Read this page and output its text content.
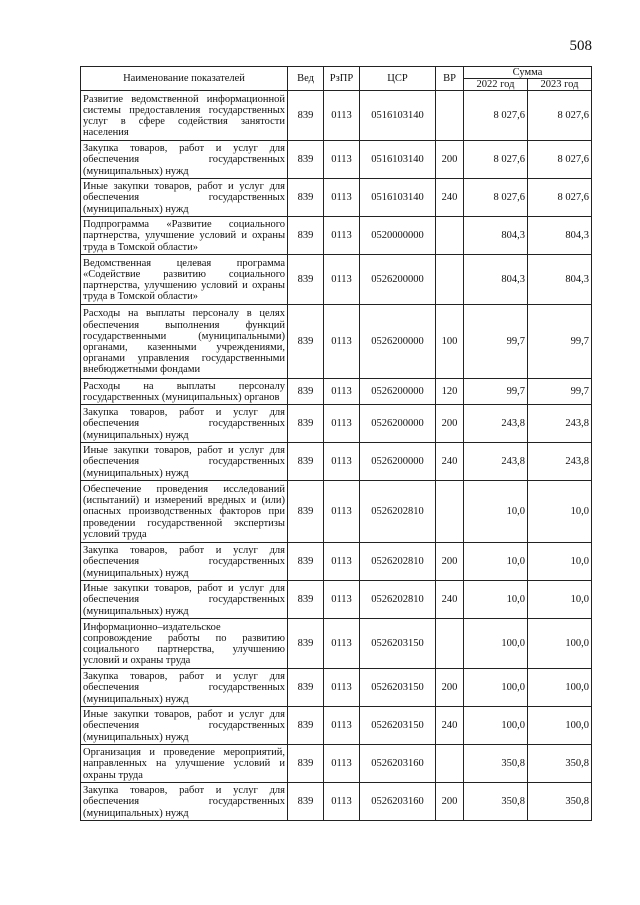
508
Наименование показателей	Вед	РзПР	ЦСР	ВР	Сумма	
					2022 год	2023 год
Развитие ведомственной информационной системы предоставления государственных услуг в сфере содействия занятости населения	839	0113	0516103140		8 027,6	8 027,6
Закупка товаров, работ и услуг для обеспечения государственных (муниципальных) нужд	839	0113	0516103140	200	8 027,6	8 027,6
Иные закупки товаров, работ и услуг для обеспечения государственных (муниципальных) нужд	839	0113	0516103140	240	8 027,6	8 027,6
Подпрограмма «Развитие социального партнерства, улучшение условий и охраны труда в Томской области»	839	0113	0520000000		804,3	804,3
Ведомственная целевая программа «Содействие развитию социального партнерства, улучшению условий и охраны труда в Томской области»	839	0113	0526200000		804,3	804,3
Расходы на выплаты персоналу в целях обеспечения выполнения функций государственными (муниципальными) органами, казенными учреждениями, органами управления государственными внебюджетными фондами	839	0113	0526200000	100	99,7	99,7
Расходы на выплаты персоналу государственных (муниципальных) органов	839	0113	0526200000	120	99,7	99,7
Закупка товаров, работ и услуг для обеспечения государственных (муниципальных) нужд	839	0113	0526200000	200	243,8	243,8
Иные закупки товаров, работ и услуг для обеспечения государственных (муниципальных) нужд	839	0113	0526200000	240	243,8	243,8
Обеспечение проведения исследований (испытаний) и измерений вредных и (или) опасных производственных факторов при проведении государственной экспертизы условий труда	839	0113	0526202810		10,0	10,0
Закупка товаров, работ и услуг для обеспечения государственных (муниципальных) нужд	839	0113	0526202810	200	10,0	10,0
Иные закупки товаров, работ и услуг для обеспечения государственных (муниципальных) нужд	839	0113	0526202810	240	10,0	10,0
Информационно–издательское сопровождение работы по развитию социального партнерства, улучшению условий и охраны труда	839	0113	0526203150		100,0	100,0
Закупка товаров, работ и услуг для обеспечения государственных (муниципальных) нужд	839	0113	0526203150	200	100,0	100,0
Иные закупки товаров, работ и услуг для обеспечения государственных (муниципальных) нужд	839	0113	0526203150	240	100,0	100,0
Организация и проведение мероприятий, направленных на улучшение условий и охраны труда	839	0113	0526203160		350,8	350,8
Закупка товаров, работ и услуг для обеспечения государственных (муниципальных) нужд	839	0113	0526203160	200	350,8	350,8
